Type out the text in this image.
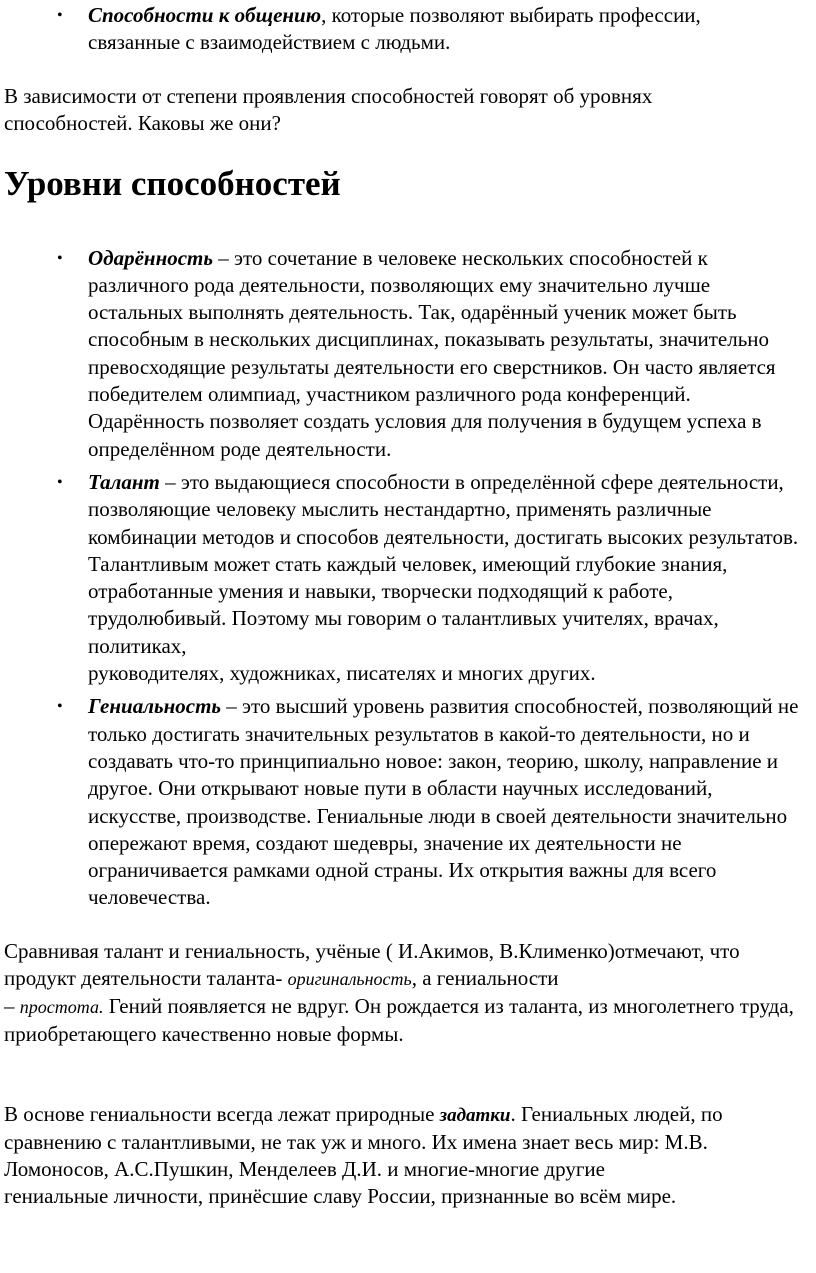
• Способности к общению, которые позволяют выбирать профессии, связанные с взаимодействием с людьми.

В зависимости от степени проявления способностей говорят об уровнях способностей. Каковы же они?

Уровни способностей
• Одарённость – это сочетание в человеке нескольких способностей к различного рода деятельности, позволяющих ему значительно лучше остальных выполнять деятельность. Так, одарённый ученик может быть способным в нескольких дисциплинах, показывать результаты, значительно превосходящие результаты деятельности его сверстников. Он часто является победителем олимпиад, участником различного рода конференций. Одарённость позволяет создать условия для получения в будущем успеха в определённом роде деятельности.
• Талант – это выдающиеся способности в определённой сфере деятельности, позволяющие человеку мыслить нестандартно, применять различные комбинации методов и способов деятельности, достигать высоких результатов. Талантливым может стать каждый человек, имеющий глубокие знания, отработанные умения и навыки, творчески подходящий к работе, трудолюбивый. Поэтому мы говорим о талантливых учителях, врачах, политиках,
руководителях, художниках, писателях и многих других.
• Гениальность – это высший уровень развития способностей, позволяющий не только достигать значительных результатов в какой-то деятельности, но и создавать что-то принципиально новое: закон, теорию, школу, направление и другое. Они открывают новые пути в области научных исследований, искусстве, производстве. Гениальные люди в своей деятельности значительно опережают время, создают шедевры, значение их деятельности не ограничивается рамками одной страны. Их открытия важны для всего человечества.

Сравнивая талант и гениальность, учёные ( И.Акимов, В.Клименко)отмечают, что продукт деятельности таланта- оригинальность, а гениальности
– простота. Гений появляется не вдруг. Он рождается из таланта, из многолетнего труда, приобретающего качественно новые формы.

В основе гениальности всегда лежат природные задатки. Гениальных людей, по сравнению с талантливыми, не так уж и много. Их имена знает весь мир: М.В. Ломоносов, А.С.Пушкин, Менделеев Д.И. и многие-многие другие
гениальные личности, принёсшие славу России, признанные во всём мире.
